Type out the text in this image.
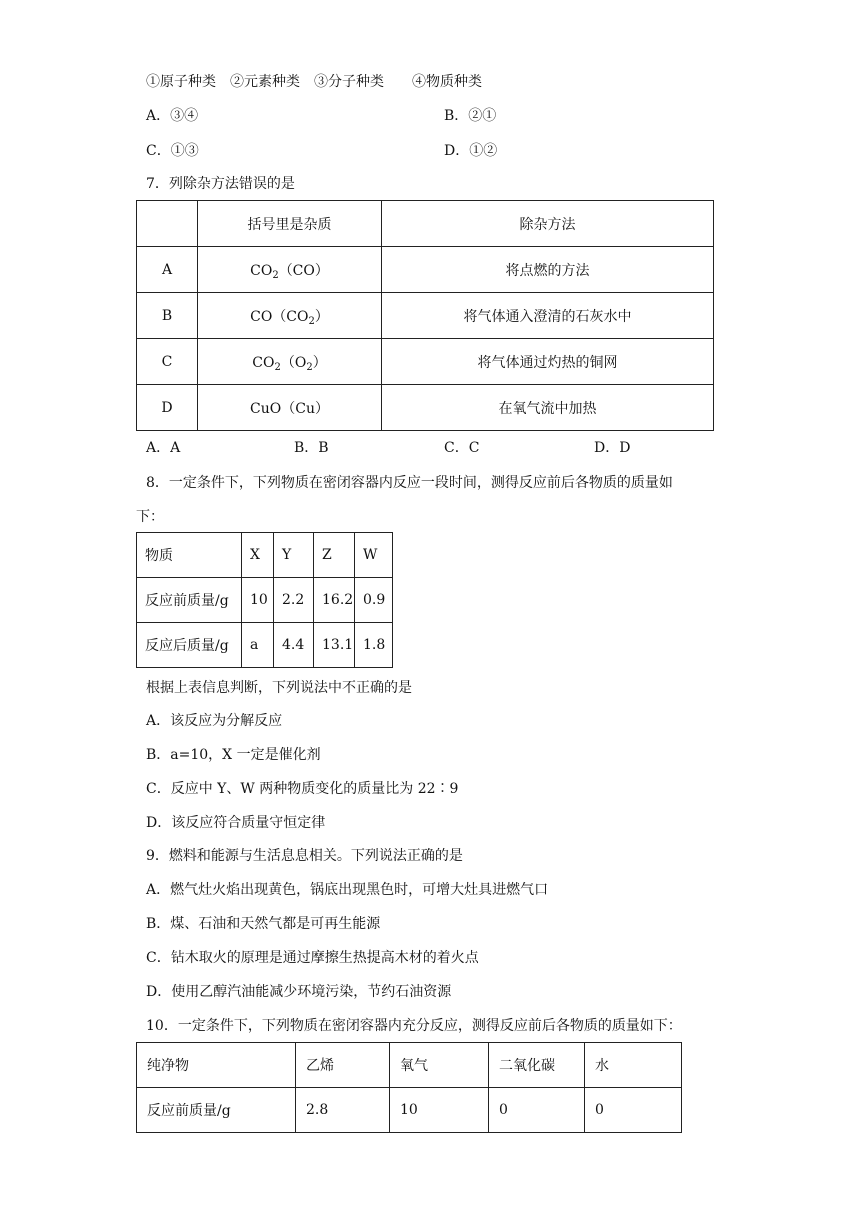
①原子种类　②元素种类　③分子种类　　④物质种类
A．③④	B．②①
C．①③	D．①②
7．列除杂方法错误的是
	括号里是杂质	除杂方法
A	$CO_2(CO)$	将点燃的方法
B	$CO(CO_2)$	将气体通入澄清的石灰水中
C	$CO_2(O_2)$	将气体通过灼热的铜网
D	CuO（Cu）	在氧气流中加热
A．A	B．B	C．C	D．D
8．一定条件下，下列物质在密闭容器内反应一段时间，测得反应前后各物质的质量如
下：
物质	X	Y	Z	W
反应前质量/g	10	2.2	16.2	0.9
反应后质量/g	a	4.4	13.1	1.8
根据上表信息判断，下列说法中不正确的是
A．该反应为分解反应
B．a=10，X 一定是催化剂
C．反应中 Y、W 两种物质变化的质量比为 22∶9
D．该反应符合质量守恒定律
9．燃料和能源与生活息息相关。下列说法正确的是
A．燃气灶火焰出现黄色，锅底出现黑色时，可增大灶具进燃气口
B．煤、石油和天然气都是可再生能源
C．钻木取火的原理是通过摩擦生热提高木材的着火点
D．使用乙醇汽油能减少环境污染，节约石油资源
10．一定条件下，下列物质在密闭容器内充分反应，测得反应前后各物质的质量如下：
纯净物	乙烯	氧气	二氧化碳	水
反应前质量/g	2.8	10	0	0
